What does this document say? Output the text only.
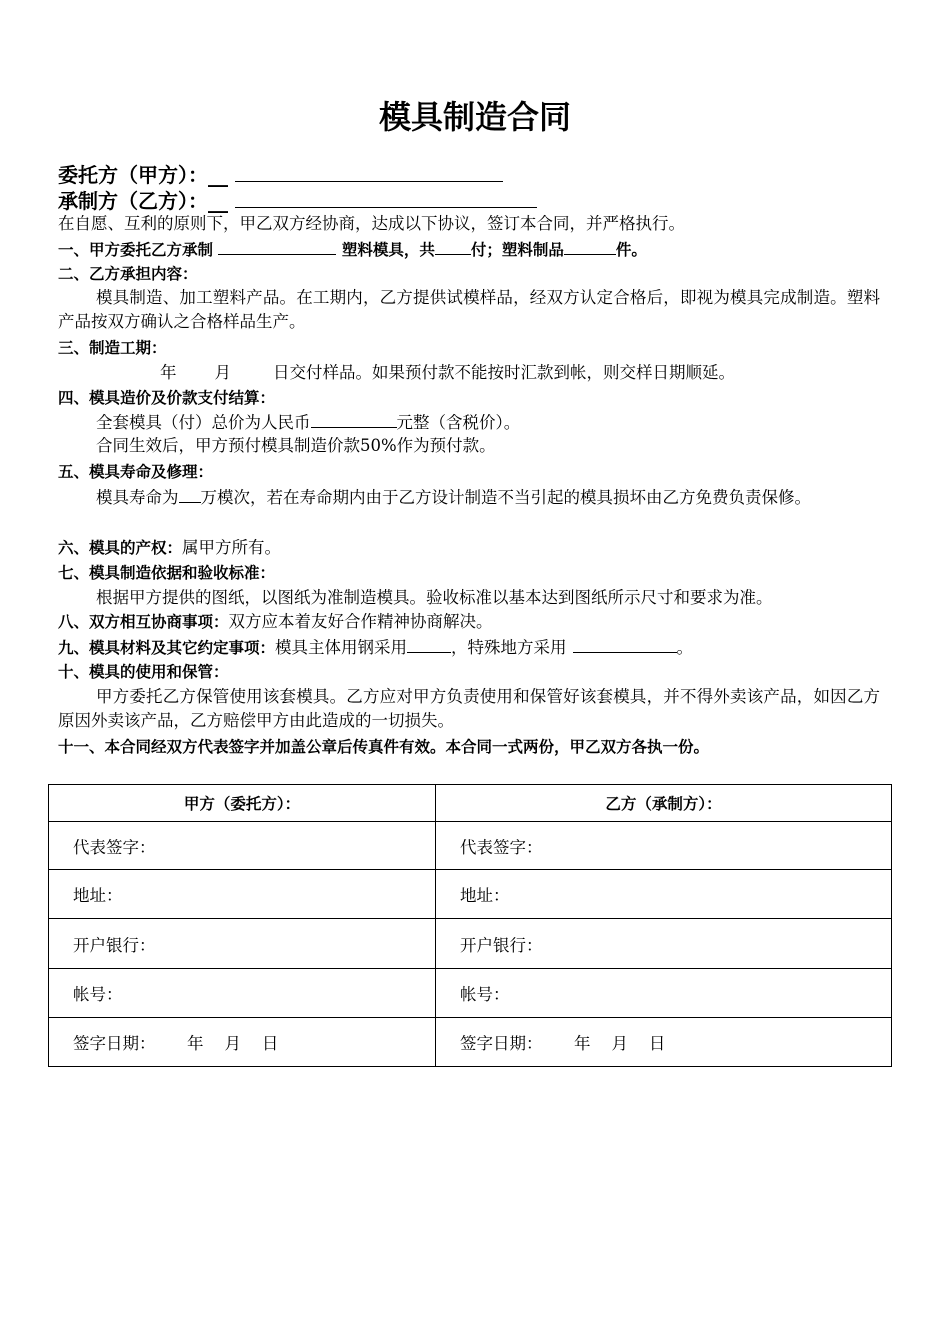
模具制造合同
委托方（甲方）：__
承制方（乙方）：__
在自愿、互利的原则下，甲乙双方经协商，达成以下协议，签订本合同，并严格执行。
一、甲方委托乙方承制	塑料模具，共 付；塑料制品	件。
二、乙方承担内容：
模具制造、加工塑料产品。在工期内，乙方提供试模样品，经双方认定合格后，即视为模具完成制造。塑料产品按双方确认之合格样品生产。
三、制造工期：
年 月	日交付样品。如果预付款不能按时汇款到帐，则交样日期顺延。
四、模具造价及价款支付结算：
全套模具（付）总价为人民币	元整（含税价）。
合同生效后，甲方预付模具制造价款50%作为预付款。
五、模具寿命及修理：
模具寿命为 万模次，若在寿命期内由于乙方设计制造不当引起的模具损坏由乙方免费负责保修。
六、模具的产权：属甲方所有。
七、模具制造依据和验收标准：
根据甲方提供的图纸，以图纸为准制造模具。验收标准以基本达到图纸所示尺寸和要求为准。
八、双方相互协商事项：双方应本着友好合作精神协商解决。
九、模具材料及其它约定事项：模具主体用钢采用	，特殊地方采用	。
十、模具的使用和保管：
甲方委托乙方保管使用该套模具。乙方应对甲方负责使用和保管好该套模具，并不得外卖该产品，如因乙方原因外卖该产品，乙方赔偿甲方由此造成的一切损失。
十一、本合同经双方代表签字并加盖公章后传真件有效。本合同一式两份，甲乙双方各执一份。
甲方（委托方）：	乙方（承制方）：
代表签字：	代表签字：
地址：	地址：
开户银行：	开户银行：
帐号：	帐号：
签字日期：      年    月    日	签字日期：      年    月    日
